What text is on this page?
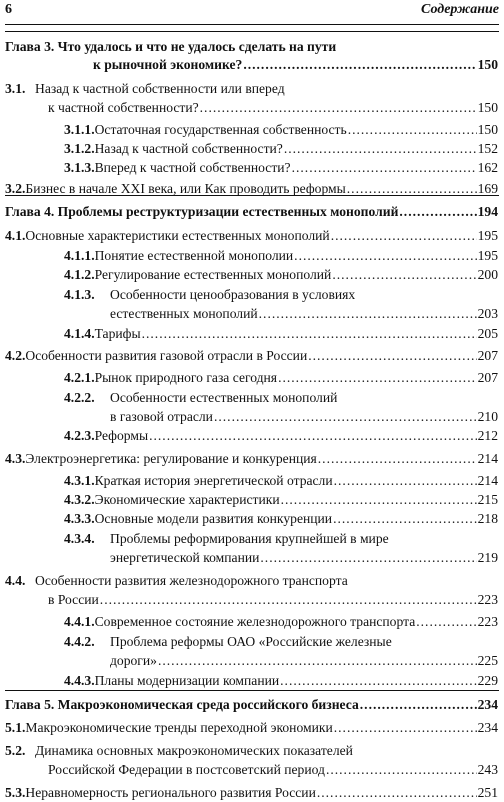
6	Содержание
Глава 3. Что удалось и что не удалось сделать на пути
к рыночной экономике? .....	150
3.1. Назад к частной собственности или вперед
к частной собственности? .....	150
3.1.1. Остаточная государственная собственность .....	150
3.1.2. Назад к частной собственности? .....	152
3.1.3. Вперед к частной собственности? .....	162
3.2. Бизнес в начале XXI века, или Как проводить реформы .....	169
Глава 4. Проблемы реструктуризации естественных монополий .....	194
4.1. Основные характеристики естественных монополий .....	195
4.1.1. Понятие естественной монополии .....	195
4.1.2. Регулирование естественных монополий .....	200
4.1.3.	Особенности ценообразования в условиях
естественных монополий .....	203
4.1.4. Тарифы .....	205
4.2. Особенности развития газовой отрасли в России .....	207
4.2.1. Рынок природного газа сегодня .....	207
4.2.2.	Особенности естественных монополий
в газовой отрасли .....	210
4.2.3. Реформы .....	212
4.3. Электроэнергетика: регулирование и конкуренция .....	214
4.3.1. Краткая история энергетической отрасли .....	214
4.3.2. Экономические характеристики .....	215
4.3.3. Основные модели развития конкуренции .....	218
4.3.4.	Проблемы реформирования крупнейшей в мире
энергетической компании .....	219
4.4. Особенности развития железнодорожного транспорта
в России .....	223
4.4.1. Современное состояние железнодорожного транспорта .....	223
4.4.2.	Проблема реформы ОАО «Российские железные
дороги» .....	225
4.4.3. Планы модернизации компании .....	229
Глава 5. Макроэкономическая среда российского бизнеса .....	234
5.1. Макроэкономические тренды переходной экономики .....	234
5.2. Динамика основных макроэкономических показателей
Российской Федерации в постсоветский период .....	243
5.3. Неравномерность регионального развития России .....	251
